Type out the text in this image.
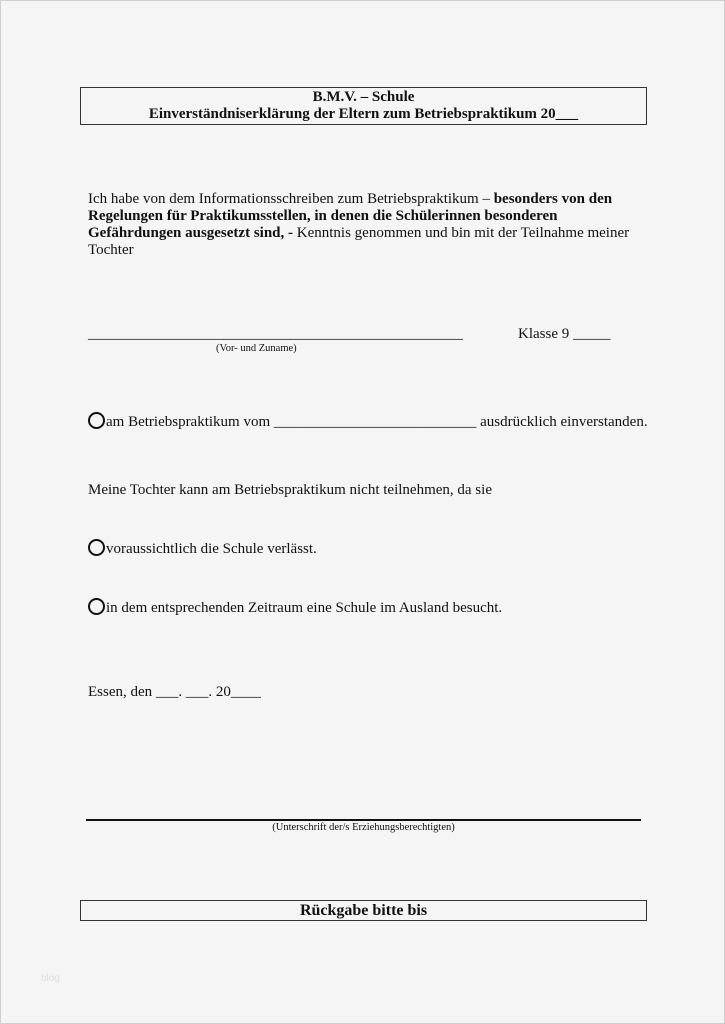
B.M.V. – Schule
Einverständniserklärung der Eltern zum Betriebspraktikum 20___
Ich habe von dem Informationsschreiben zum Betriebspraktikum – besonders von den Regelungen für Praktikumsstellen, in denen die Schülerinnen besonderen Gefährdungen ausgesetzt sind, - Kenntnis genommen und bin mit der Teilnahme meiner Tochter
__________________________________________________
(Vor- und Zuname)
Klasse 9 _____
am Betriebspraktikum vom ___________________________ ausdrücklich einverstanden.
Meine Tochter kann am Betriebspraktikum nicht teilnehmen, da sie
voraussichtlich die Schule verlässt.
in dem entsprechenden Zeitraum eine Schule im Ausland besucht.
Essen, den ___. ___. 20____
(Unterschrift der/s Erziehungsberechtigten)
Rückgabe bitte bis
blog
